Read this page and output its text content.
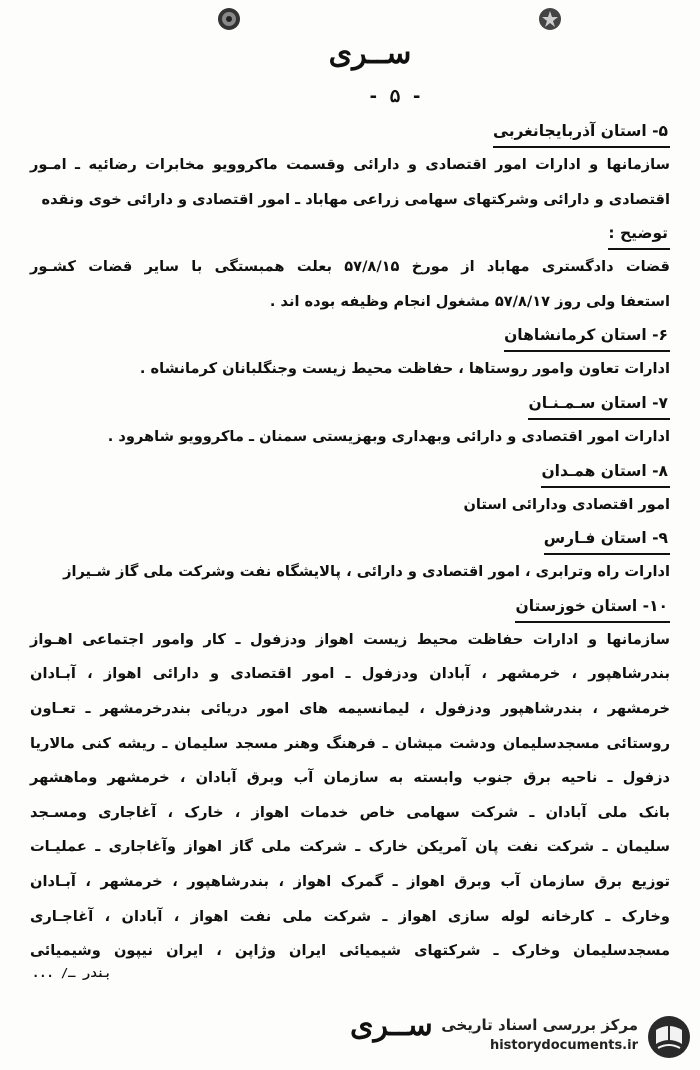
ســری
- ۵ -
۵- استان آذربایجانغربی
سازمانها و ادارات امور اقتصادی و دارائی وقسمت ماکروویو مخابرات رضائیه ـ امـور
اقتصادی و دارائی وشرکتهای سهامی زراعی مهاباد ـ امور اقتصادی و دارائی خوی ونقده
توضیح :
قضات دادگستری مهاباد از مورخ ۵۷/۸/۱۵ بعلت همبستگی با سایر قضات کشـور
استعفا ولی روز ۵۷/۸/۱۷ مشغول انجام وظیفه بوده اند .
۶- استان کرمانشاهان
ادارات تعاون وامور روستاها ، حفاظت محیط زیست وجنگلبانان کرمانشاه .
۷- استان سـمـنـان
ادارات امور اقتصادی و دارائی وبهداری وبهزیستی سمنان ـ ماکروویو شاهرود .
۸- استان همـدان
امور اقتصادی ودارائی استان
۹- استان فـارس
ادارات راه وترابری ، امور اقتصادی و دارائی ، پالایشگاه نفت وشرکت ملی گاز شـیراز
۱۰- استان خوزستان
سازمانها و ادارات حفاظت محیط زیست اهواز ودزفول ـ کار وامور اجتماعی اهـواز
بندرشاهپور ، خرمشهر ، آبادان ودزفول ـ امور اقتصادی و دارائی اهواز ، آبـادان
خرمشهر ، بندرشاهپور ودزفول ، لیمانسیمه های امور دریائی بندرخرمشهر ـ تعـاون
روستائی مسجدسلیمان ودشت میشان ـ فرهنگ وهنر مسجد سلیمان ـ ریشه کنی مالاریا
دزفول ـ ناحیه برق جنوب وابسته به سازمان آب وبرق آبادان ، خرمشهر وماهشهر
بانک ملی آبادان ـ شرکت سهامی خاص خدمات اهواز ، خارک ، آغاجاری ومسـجد
سلیمان ـ شرکت نفت پان آمریکن خارک ـ شرکت ملی گاز اهواز وآغاجاری ـ عملیـات
توزیع برق سازمان آب وبرق اهواز ـ گمرک اهواز ، بندرشاهپور ، خرمشهر ، آبـادان
وخارک ـ کارخانه لوله سازی اهواز ـ شرکت ملی نفت اهواز ، آبادان ، آغاجـاری
مسجدسلیمان وخارک ـ شرکتهای شیمیائی ایران وژاپن ، ایران نیپون وشیمیائی
بندر ـ/ ...
ســری مرکز بررسی اسناد تاریخی
historydocuments.ir
